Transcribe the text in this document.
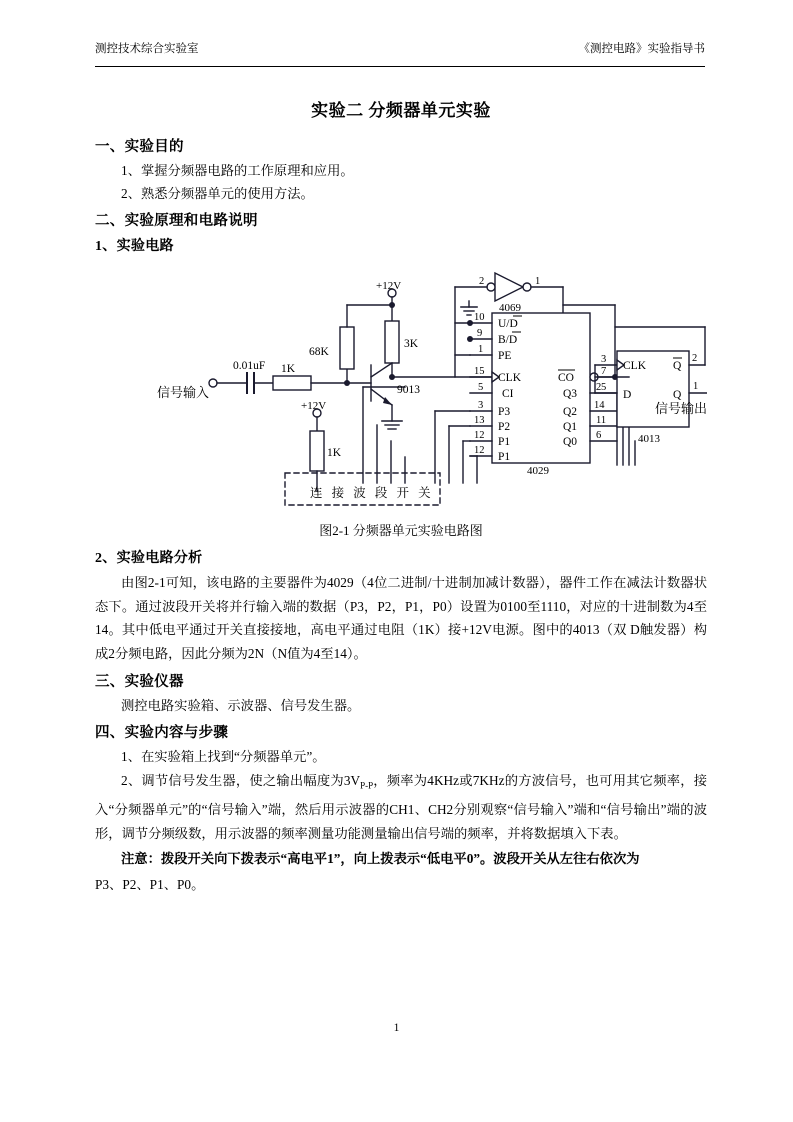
测控技术综合实验室	《测控电路》实验指导书
实验二 分频器单元实验
一、实验目的

1、掌握分频器电路的工作原理和应用。

2、熟悉分频器单元的使用方法。

二、实验原理和电路说明
1、实验电路
信号输入
信号输出
0.01uF 1K
68K
3K
1K
9013
+12V
+12V
4069
2	1
4029
4013
10
9
1
15
5
3
13
12
12
U/D
B/D
PE
CLK
CI
P3
P2
P1
P1
CO
7
Q3
2
Q2
14
Q1
11
Q0
6
3
5
CLK
D
Q
2
Q
1
连 接 波 段 开 关
图2-1 分频器单元实验电路图
2、实验电路分析

由图2-1可知，该电路的主要器件为4029（4位二进制/十进制加减计数器），器件工作在减法计数器状态下。通过波段开关将并行输入端的数据（P3，P2，P1，P0）设置为0100至1110，对应的十进制数为4至14。其中低电平通过开关直接接地，高电平通过电阻（1K）接+12V电源。图中的4013（双 D触发器）构成2分频电路，因此分频为2N（N值为4至14）。

三、实验仪器

测控电路实验箱、示波器、信号发生器。

四、实验内容与步骤

1、在实验箱上找到“分频器单元”。

2、调节信号发生器，使之输出幅度为$3V_{P-P}$，频率为4KHz或7KHz的方波信号，也可用其它频率，接入“分频器单元”的“信号输入”端，然后用示波器的CH1、CH2分别观察“信号输入”端和“信号输出”端的波形，调节分频级数，用示波器的频率测量功能测量输出信号端的频率，并将数据填入下表。

注意：拨段开关向下拨表示“高电平1”，向上拨表示“低电平0”。波段开关从左往右依次为

P3、P2、P1、P0。

1
